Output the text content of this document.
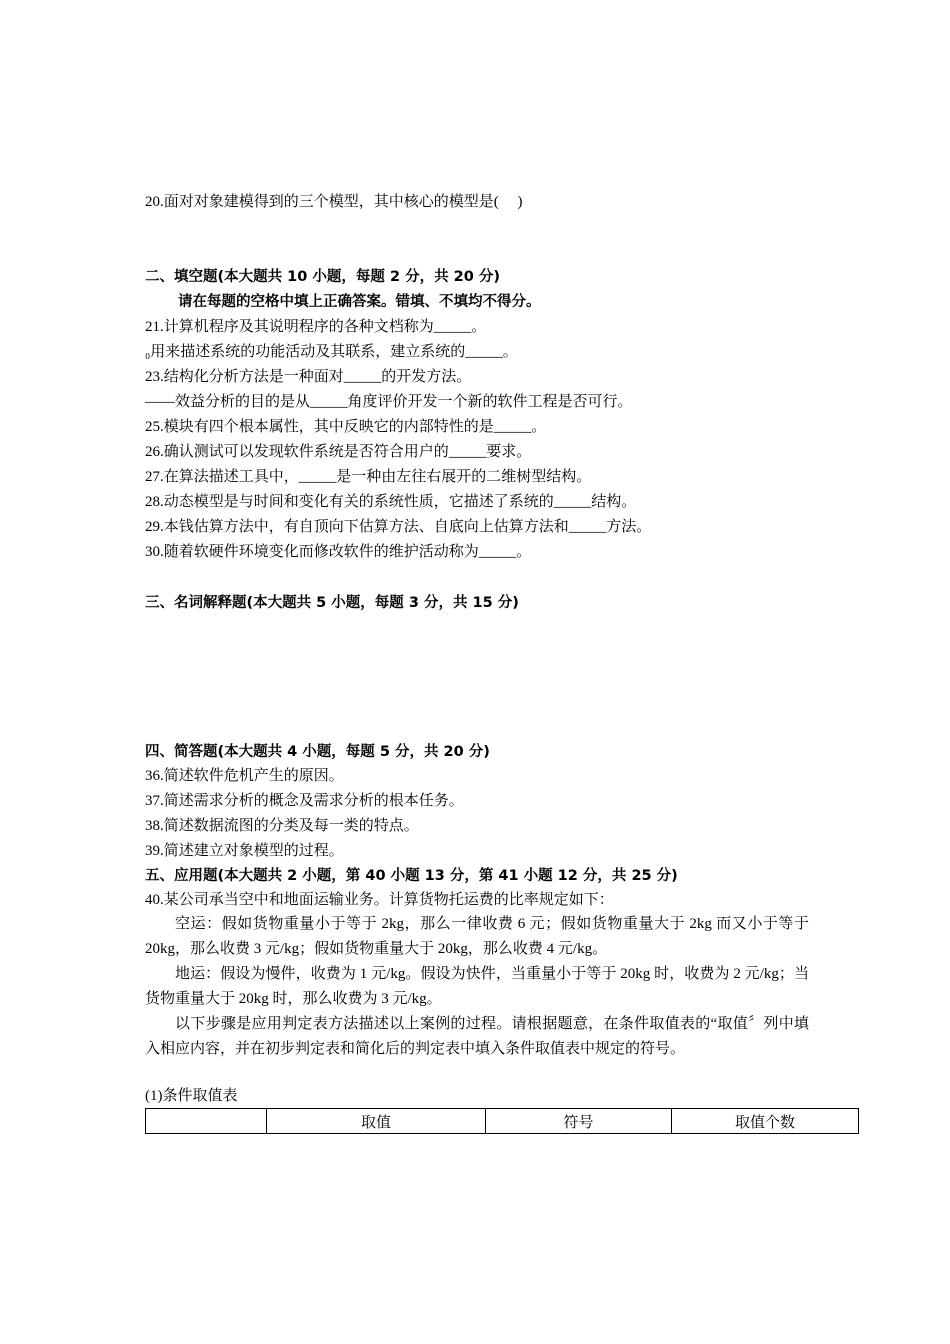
20.面对对象建模得到的三个模型，其中核心的模型是(　 )
二、填空题(本大题共 10 小题，每题 2 分，共 20 分)
请在每题的空格中填上正确答案。错填、不填均不得分。
21.计算机程序及其说明程序的各种文档称为_____。
₀用来描述系统的功能活动及其联系，建立系统的_____。
23.结构化分析方法是一种面对_____的开发方法。
——效益分析的目的是从_____角度评价开发一个新的软件工程是否可行。
25.模块有四个根本属性，其中反映它的内部特性的是_____。
26.确认测试可以发现软件系统是否符合用户的_____要求。
27.在算法描述工具中，_____是一种由左往右展开的二维树型结构。
28.动态模型是与时间和变化有关的系统性质，它描述了系统的_____结构。
29.本钱估算方法中，有自顶向下估算方法、自底向上估算方法和_____方法。
30.随着软硬件环境变化而修改软件的维护活动称为_____。
三、名词解释题(本大题共 5 小题，每题 3 分，共 15 分)
四、简答题(本大题共 4 小题，每题 5 分，共 20 分)
36.简述软件危机产生的原因。
37.简述需求分析的概念及需求分析的根本任务。
38.简述数据流图的分类及每一类的特点。
39.简述建立对象模型的过程。
五、应用题(本大题共 2 小题，第 40 小题 13 分，第 41 小题 12 分，共 25 分)
40.某公司承当空中和地面运输业务。计算货物托运费的比率规定如下：
空运：假如货物重量小于等于 2kg，那么一律收费 6 元；假如货物重量大于 2kg 而又小于等于 20kg，那么收费 3 元/kg；假如货物重量大于 20kg，那么收费 4 元/kg。
地运：假设为慢件，收费为 1 元/kg。假设为快件，当重量小于等于 20kg 时，收费为 2 元/kg；当货物重量大于 20kg 时，那么收费为 3 元/kg。
以下步骤是应用判定表方法描述以上案例的过程。请根据题意，在条件取值表的“取值〞列中填入相应内容，并在初步判定表和简化后的判定表中填入条件取值表中规定的符号。
(1)条件取值表
	取值	符号	取值个数
